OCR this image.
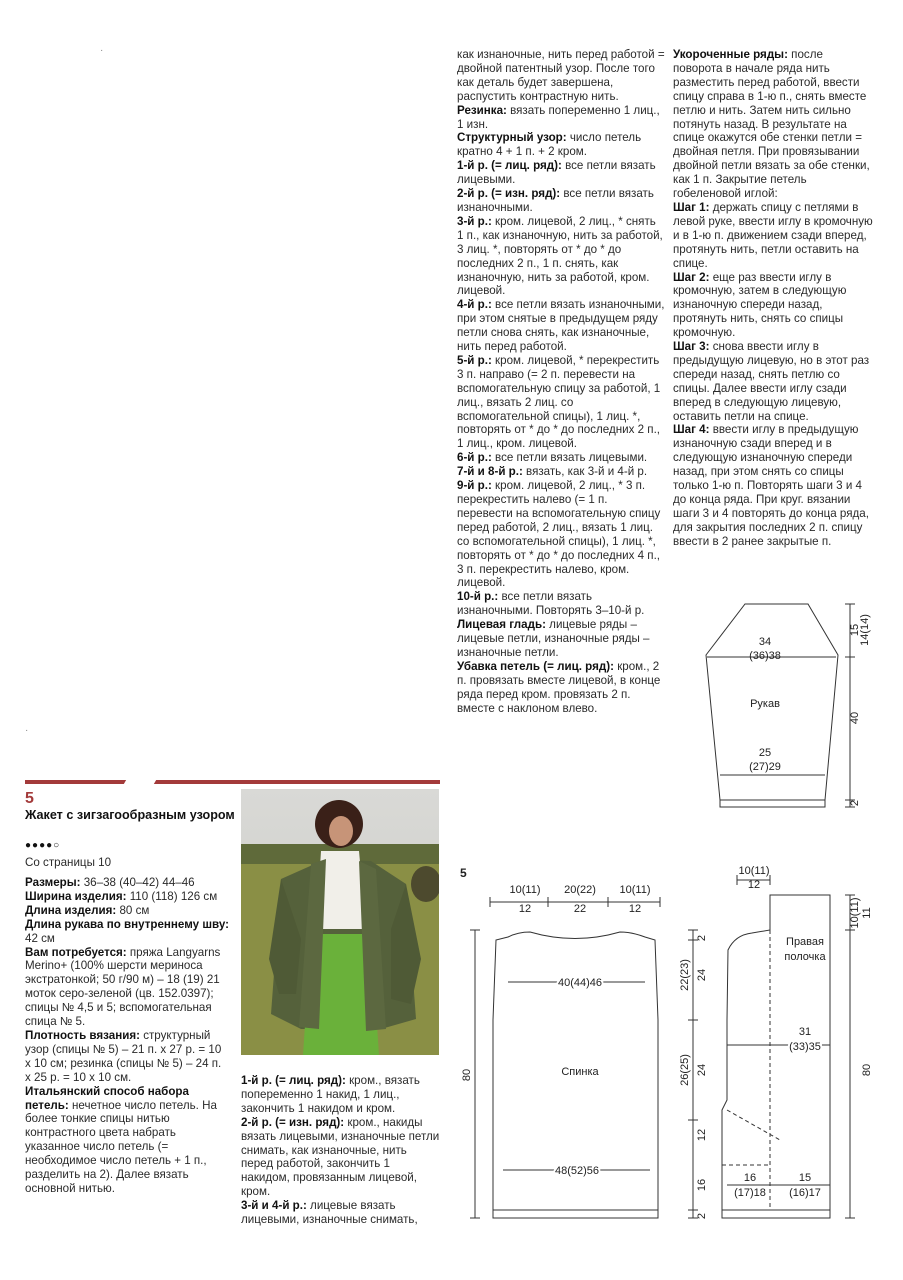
·
·

как изнаночные, нить перед работой = двойной патентный узор. После того как деталь будет завершена, распустить контрастную нить.

Резинка: вязать попеременно 1 лиц., 1 изн.

Структурный узор: число петель кратно 4 + 1 п. + 2 кром.

1-й р. (= лиц. ряд): все петли вязать лицевыми.

2-й р. (= изн. ряд): все петли вязать изнаночными.

3-й р.: кром. лицевой, 2 лиц., * снять 1 п., как изнаночную, нить за работой, 3 лиц. *, повторять от * до * до последних 2 п., 1 п. снять, как изнаночную, нить за работой, кром. лицевой.

4-й р.: все петли вязать изнаночными, при этом снятые в предыдущем ряду петли снова снять, как изнаночные, нить перед работой.

5-й р.: кром. лицевой, * перекрестить 3 п. направо (= 2 п. перевести на вспомогательную спицу за работой, 1 лиц., вязать 2 лиц. со вспомогательной спицы), 1 лиц. *, повторять от * до * до последних 2 п., 1 лиц., кром. лицевой.

6-й р.: все петли вязать лицевыми.

7-й и 8-й р.: вязать, как 3-й и 4-й р.

9-й р.: кром. лицевой, 2 лиц., * 3 п. перекрестить налево (= 1 п. перевести на вспомогательную спицу перед работой, 2 лиц., вязать 1 лиц. со вспомогательной спицы), 1 лиц. *, повторять от * до * до последних 4 п., 3 п. перекрестить налево, кром. лицевой.

10-й р.: все петли вязать изнаночными. Повторять 3–10-й р.

Лицевая гладь: лицевые ряды – лицевые петли, изнаночные ряды – изнаночные петли.

Убавка петель (= лиц. ряд): кром., 2 п. провязать вместе лицевой, в конце ряда перед кром. провязать 2 п. вместе с наклоном влево.

Укороченные ряды: после поворота в начале ряда нить разместить перед работой, ввести спицу справа в 1-ю п., снять вместе петлю и нить. Затем нить сильно потянуть назад. В результате на спице окажутся обе стенки петли = двойная петля. При провязывании двойной петли вязать за обе стенки, как 1 п. Закрытие петель гобеленовой иглой:

Шаг 1: держать спицу с петлями в левой руке, ввести иглу в кромочную и в 1-ю п. движением сзади вперед, протянуть нить, петли оставить на спице.

Шаг 2: еще раз ввести иглу в кромочную, затем в следующую изнаночную спереди назад, протянуть нить, снять со спицы кромочную.

Шаг 3: снова ввести иглу в предыдущую лицевую, но в этот раз спереди назад, снять петлю со спицы. Далее ввести иглу сзади вперед в следующую лицевую, оставить петли на спице.

Шаг 4: ввести иглу в предыдущую изнаночную сзади вперед и в следующую изнаночную спереди назад, при этом снять со спицы только 1-ю п. Повторять шаги 3 и 4 до конца ряда. При круг. вязании шаги 3 и 4 повторять до конца ряда, для закрытия последних 2 п. спицу ввести в 2 ранее закрытые п.

5
Жакет с зигзагообразным узором
●●●●○
Со страницы 10

Размеры: 36–38 (40–42) 44–46

Ширина изделия: 110 (118) 126 см

Длина изделия: 80 см

Длина рукава по внутреннему шву: 42 см

Вам потребуется: пряжа Langyarns Merino+ (100% шерсти мериноса экстратонкой; 50 г/90 м) – 18 (19) 21 моток серо-зеленой (цв. 152.0397); спицы № 4,5 и 5; вспомогательная спица № 5.

Плотность вязания: структурный узор (спицы № 5) – 21 п. х 27 р. = 10 х 10 см; резинка (спицы № 5) – 24 п. х 25 р. = 10 х 10 см.

Итальянский способ набора петель: нечетное число петель. На более тонкие спицы нитью контрастного цвета набрать указанное число петель (= необходимое число петель + 1 п., разделить на 2). Далее вязать основной нитью.

1-й р. (= лиц. ряд): кром., вязать попеременно 1 накид, 1 лиц., закончить 1 накидом и кром.

2-й р. (= изн. ряд): кром., накиды вязать лицевыми, изнаночные петли снимать, как изнаночные, нить перед работой, закончить 1 накидом, провязанным лицевой, кром.

3-й и 4-й р.: лицевые вязать лицевыми, изнаночные снимать,

34
(36)38
Рукав
25
(27)29
14(14)
15
40
2
5
10(11)
12
20(22)
22
10(11)
12
40(44)46
Спинка
48(52)56
80
2
22(23) 24
26(25) 24
12
16
2
10(11)
12
Правая
полочка
31
(33)35
16
(17)18
15
(16)17
10(11) 11
80
